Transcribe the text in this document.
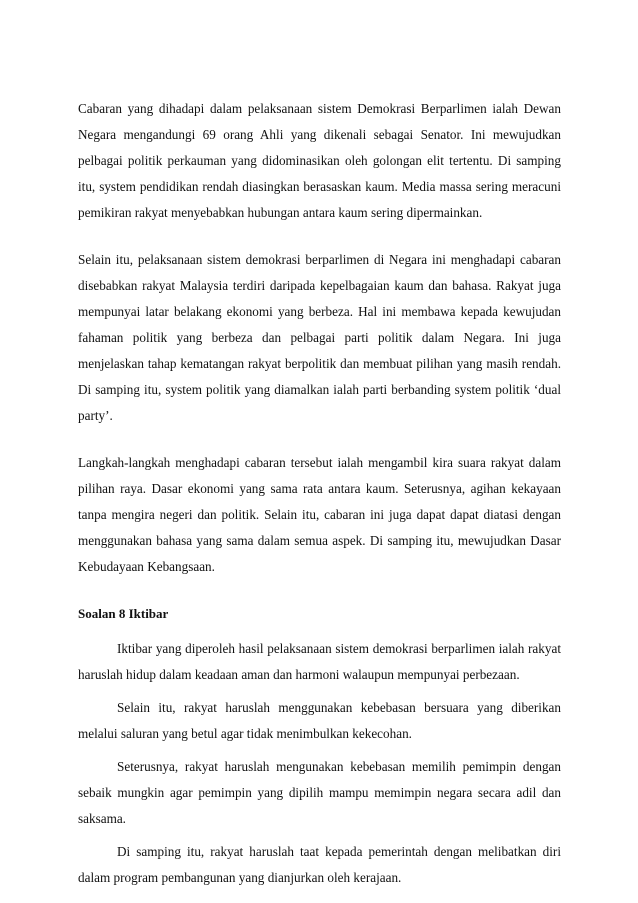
Cabaran yang dihadapi dalam pelaksanaan sistem Demokrasi Berparlimen ialah Dewan Negara mengandungi 69 orang Ahli yang dikenali sebagai Senator. Ini mewujudkan pelbagai politik perkauman yang didominasikan oleh golongan elit tertentu. Di samping itu, system pendidikan rendah diasingkan berasaskan kaum. Media massa sering meracuni pemikiran rakyat menyebabkan hubungan antara kaum sering dipermainkan.

Selain itu, pelaksanaan sistem demokrasi berparlimen di Negara ini menghadapi cabaran disebabkan rakyat Malaysia terdiri daripada kepelbagaian kaum dan bahasa. Rakyat juga mempunyai latar belakang ekonomi yang berbeza. Hal ini membawa kepada kewujudan fahaman politik yang berbeza dan pelbagai parti politik dalam Negara. Ini juga menjelaskan tahap kematangan rakyat berpolitik dan membuat pilihan yang masih rendah. Di samping itu, system politik yang diamalkan ialah parti berbanding system politik ‘dual party’.

Langkah-langkah menghadapi cabaran tersebut ialah mengambil kira suara rakyat dalam pilihan raya. Dasar ekonomi yang sama rata antara kaum. Seterusnya, agihan kekayaan tanpa mengira negeri dan politik. Selain itu, cabaran ini juga dapat dapat diatasi dengan menggunakan bahasa yang sama dalam semua aspek. Di samping itu, mewujudkan Dasar Kebudayaan Kebangsaan.

Soalan 8 Iktibar

Iktibar yang diperoleh hasil pelaksanaan sistem demokrasi berparlimen ialah rakyat haruslah hidup dalam keadaan aman dan harmoni walaupun mempunyai perbezaan.

Selain itu, rakyat haruslah menggunakan kebebasan bersuara yang diberikan melalui saluran yang betul agar tidak menimbulkan kekecohan.

Seterusnya, rakyat haruslah mengunakan kebebasan memilih pemimpin dengan sebaik mungkin agar pemimpin yang dipilih mampu memimpin negara secara adil dan saksama.

Di samping itu, rakyat haruslah taat kepada pemerintah dengan melibatkan diri dalam program pembangunan yang dianjurkan oleh kerajaan.
